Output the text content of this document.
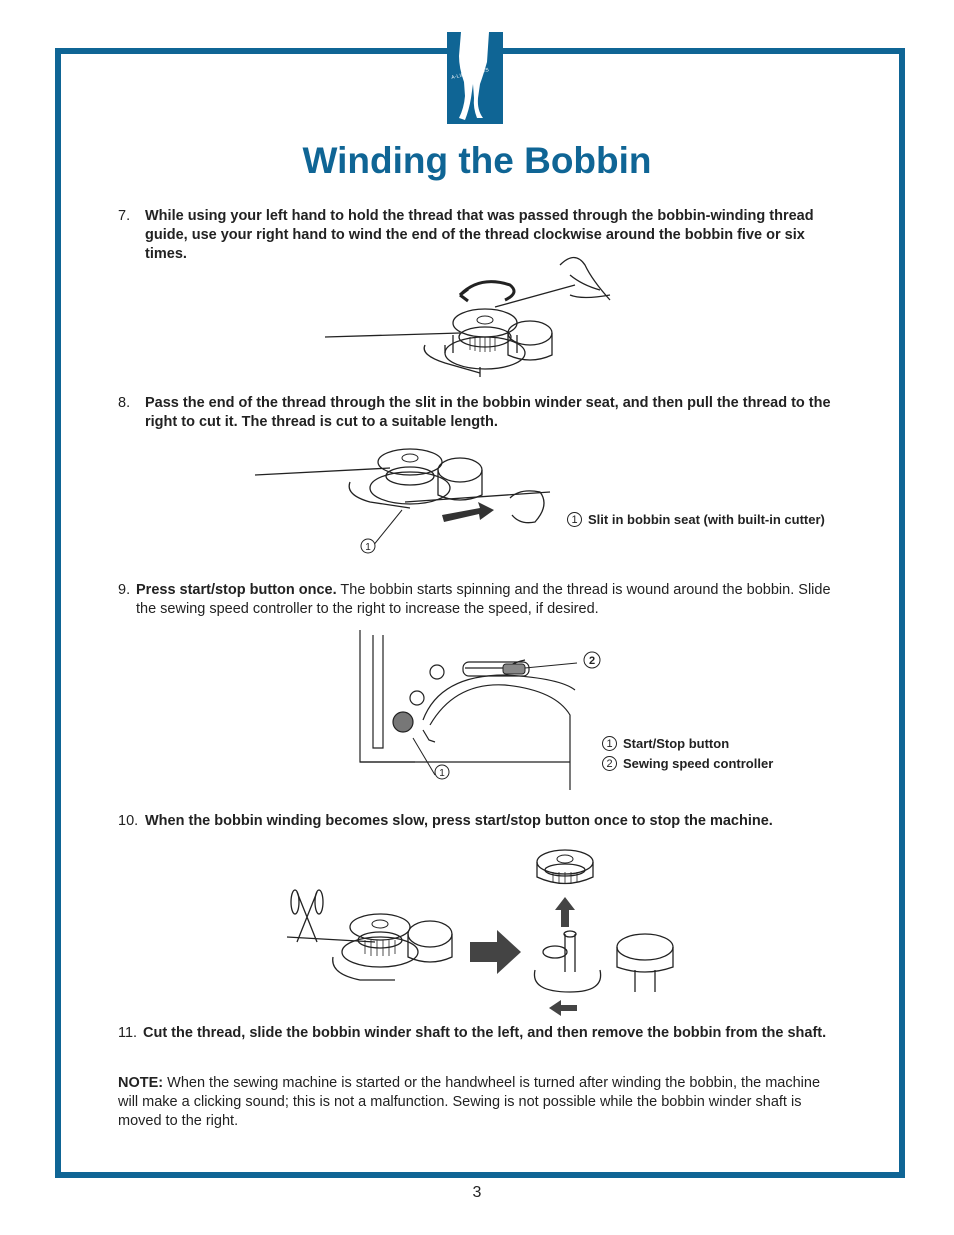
A-LINE SERIES
Winding the Bobbin
7. While using your left hand to hold the thread that was passed through the bobbin-winding thread guide, use your right hand to wind the end of the thread clockwise around the bobbin five or six times.
8. Pass the end of the thread through the slit in the bobbin winder seat, and then pull the thread to the right to cut it. The thread is cut to a suitable length.
1
1 Slit in bobbin seat (with built-in cutter)
9. Press start/stop button once. The bobbin starts spinning and the thread is wound around the bobbin. Slide the sewing speed controller to the right to increase the speed, if desired.
1
2
1 Start/Stop button
2 Sewing speed controller
10. When the bobbin winding becomes slow, press start/stop button once to stop the machine.
11. Cut the thread, slide the bobbin winder shaft to the left, and then remove the bobbin from the shaft.
NOTE: When the sewing machine is started or the handwheel is turned after winding the bobbin, the machine will make a clicking sound; this is not a malfunction. Sewing is not possible while the bobbin winder shaft is moved to the right.
3
